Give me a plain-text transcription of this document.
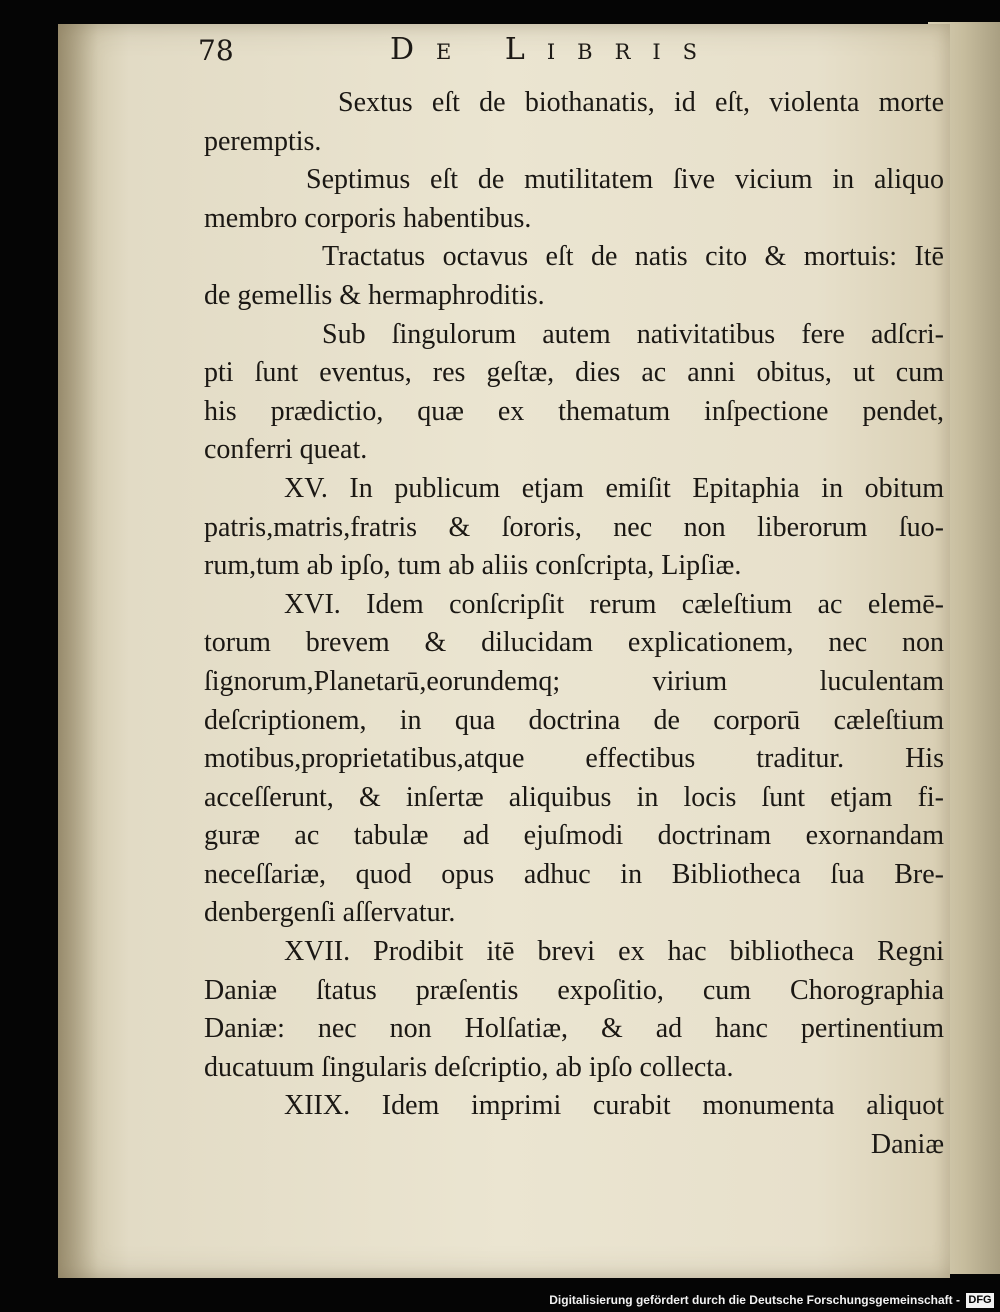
78	De Libris
Sextus eſt de biothanatis, id eſt, violenta morte
peremptis.
Septimus eſt de mutilitatem ſive vicium in aliquo
membro corporis habentibus.
Tractatus octavus eſt de natis cito & mortuis: Itē
de gemellis & hermaphroditis.
Sub ſingulorum autem nativitatibus fere adſcri-
pti ſunt eventus, res geſtæ, dies ac anni obitus, ut cum
his prædictio, quæ ex thematum inſpectione pendet,
conferri queat.
XV. In publicum etjam emiſit Epitaphia in obitum
patris,matris,fratris & ſororis, nec non liberorum ſuo-
rum,tum ab ipſo, tum ab aliis conſcripta, Lipſiæ.
XVI. Idem conſcripſit rerum cæleſtium ac elemē-
torum brevem & dilucidam explicationem, nec non
ſignorum,Planetarū,eorundemq; virium luculentam
deſcriptionem, in qua doctrina de corporū cæleſtium
motibus,proprietatibus,atque effectibus traditur. His
acceſſerunt, & inſertæ aliquibus in locis ſunt etjam fi-
guræ ac tabulæ ad ejuſmodi doctrinam exornandam
neceſſariæ, quod opus adhuc in Bibliotheca ſua Bre-
denbergenſi aſſervatur.
XVII. Prodibit itē brevi ex hac bibliotheca Regni
Daniæ ſtatus præſentis expoſitio, cum Chorographia
Daniæ: nec non Holſatiæ, & ad hanc pertinentium
ducatuum ſingularis deſcriptio, ab ipſo collecta.
XIIX. Idem imprimi curabit monumenta aliquot
Daniæ
Digitalisierung gefördert durch die Deutsche Forschungsgemeinschaft - DFG
